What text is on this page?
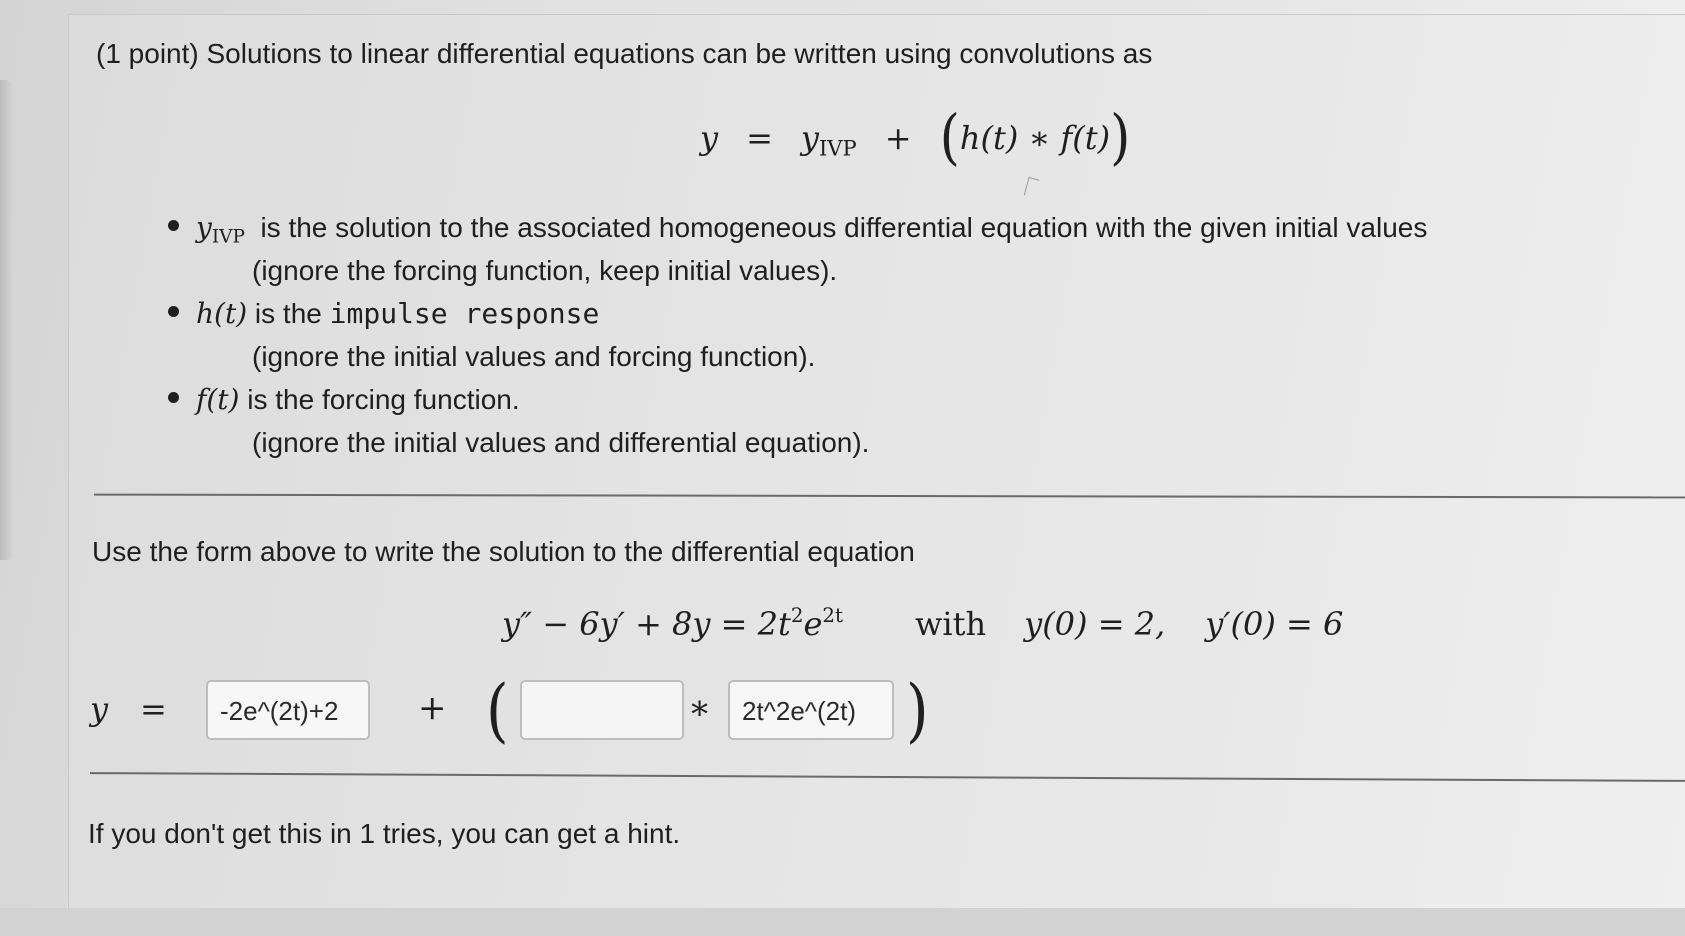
(1 point) Solutions to linear differential equations can be written using convolutions as
$y = y_{IVP} + (h(t)$ ∗ f(t))
$y_{IVP}$ is the solution to the associated homogeneous differential equation with the given initial values
(ignore the forcing function, keep initial values).
h(t) is the impulse response
(ignore the initial values and forcing function).
f(t) is the forcing function.
(ignore the initial values and differential equation).
Use the form above to write the solution to the differential equation
$y'' - 6y' + 8y = 2t^2e^{2t}$ with y(0) = 2, y′(0) = 6
y =	-2e^(2t)+2	+ (	∗	2t^2e^(2t) )
If you don't get this in 1 tries, you can get a hint.
